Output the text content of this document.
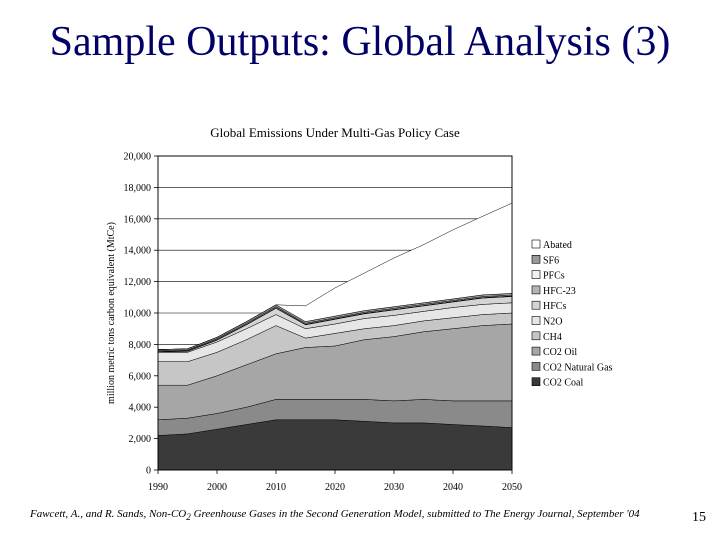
Sample Outputs: Global Analysis (3)
Global Emissions Under Multi-Gas Policy Case
million metric tons carbon equivalent (MtCe)
0
2,000
4,000
6,000
8,000
10,000
12,000
14,000
16,000
18,000
20,000
1990	2000	2010	2020	2030	2040	2050
Abated
SF6
PFCs
HFC-23
HFCs
N2O
CH4
CO2 Oil
CO2 Natural Gas
CO2 Coal
Fawcett, A., and R. Sands, Non-$CO_2$ Greenhouse Gases in the Second Generation Model, submitted to The Energy Journal, September '04	15
